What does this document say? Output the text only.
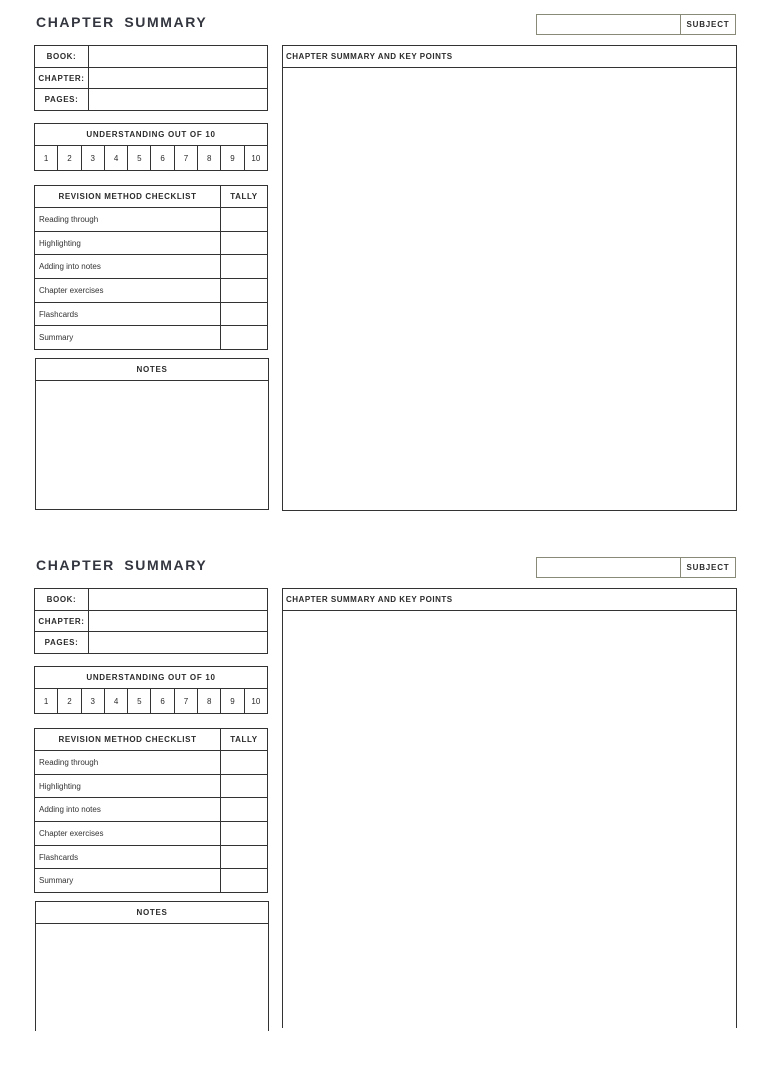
CHAPTER SUMMARY	SUBJECT
BOOK:	
CHAPTER:	
PAGES:	
UNDERSTANDING OUT OF 10
1	2	3	4	5	6	7	8	9	10
REVISION METHOD CHECKLIST	TALLY
Reading through	
Highlighting	
Adding into notes	
Chapter exercises	
Flashcards	
Summary	
NOTES
CHAPTER SUMMARY AND KEY POINTS
CHAPTER SUMMARY	SUBJECT
BOOK:	
CHAPTER:	
PAGES:	
UNDERSTANDING OUT OF 10
1	2	3	4	5	6	7	8	9	10
REVISION METHOD CHECKLIST	TALLY
Reading through	
Highlighting	
Adding into notes	
Chapter exercises	
Flashcards	
Summary	
NOTES
CHAPTER SUMMARY AND KEY POINTS
